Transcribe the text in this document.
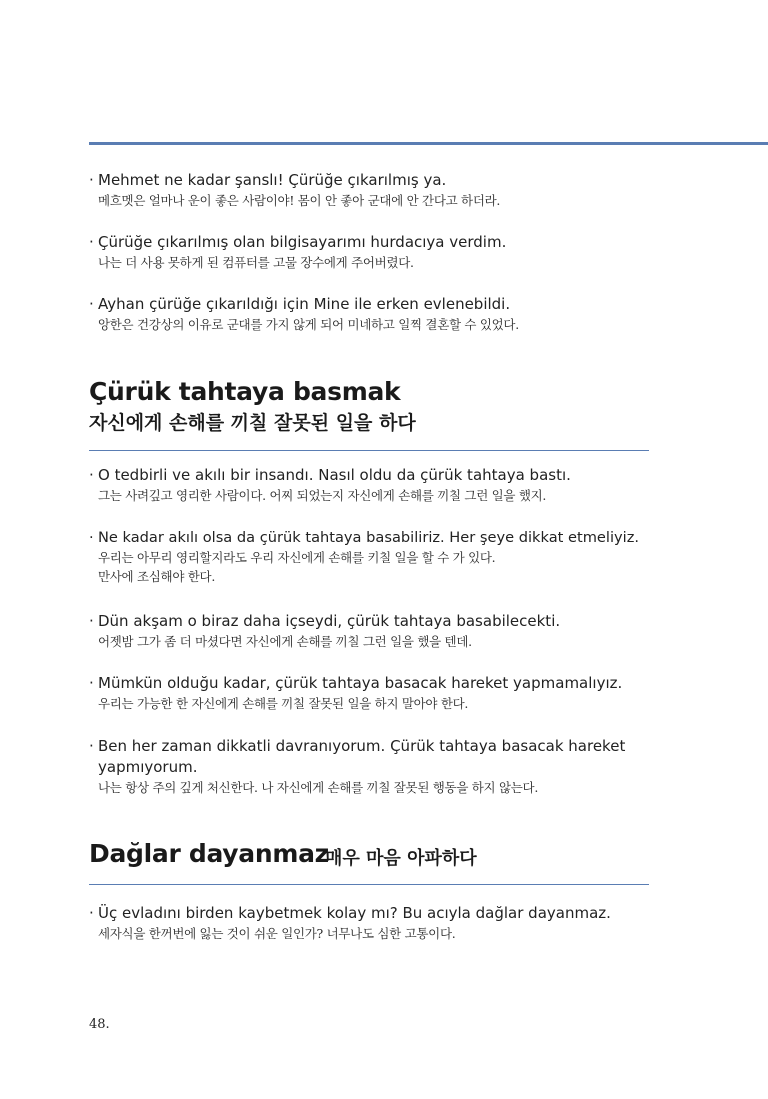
· Mehmet ne kadar şanslı! Çürüğe çıkarılmış ya.
메흐멧은 얼마나 운이 좋은 사람이야! 몸이 안 좋아 군대에 안 간다고 하더라.
· Çürüğe çıkarılmış olan bilgisayarımı hurdacıya verdim.
나는 더 사용 못하게 된 컴퓨터를 고물 장수에게 주어버렸다.
· Ayhan çürüğe çıkarıldığı için Mine ile erken evlenebildi.
앙한은 건강상의 이유로 군대를 가지 않게 되어 미네하고 일찍 결혼할 수 있었다.
Çürük tahtaya basmak
자신에게 손해를 끼칠 잘못된 일을 하다
· O tedbirli ve akılı bir insandı. Nasıl oldu da çürük tahtaya bastı.
그는 사려깊고 영리한 사람이다. 어찌 되었는지 자신에게 손해를 끼칠 그런 일을 했지.
· Ne kadar akılı olsa da çürük tahtaya basabiliriz. Her şeye dikkat etmeliyiz.
우리는 아무리 영리할지라도 우리 자신에게 손해를 키칠 일을 할 수 가 있다.
만사에 조심해야 한다.
· Dün akşam o biraz daha içseydi, çürük tahtaya basabilecekti.
어젯밤 그가 좀 더 마셨다면 자신에게 손해를 끼칠 그런 일을 했을 텐데.
· Mümkün olduğu kadar, çürük tahtaya basacak hareket yapmamalıyız.
우리는 가능한 한 자신에게 손해를 끼칠 잘못된 일을 하지 말아야 한다.
· Ben her zaman dikkatli davranıyorum. Çürük tahtaya basacak hareket
yapmıyorum.
나는 항상 주의 깊게 처신한다. 나 자신에게 손해를 끼칠 잘못된 행동을 하지 않는다.
Dağlar dayanmaz
매우 마음 아파하다
· Üç evladını birden kaybetmek kolay mı? Bu acıyla dağlar dayanmaz.
세자식을 한꺼번에 잃는 것이 쉬운 일인가? 너무나도 심한 고통이다.
48.
